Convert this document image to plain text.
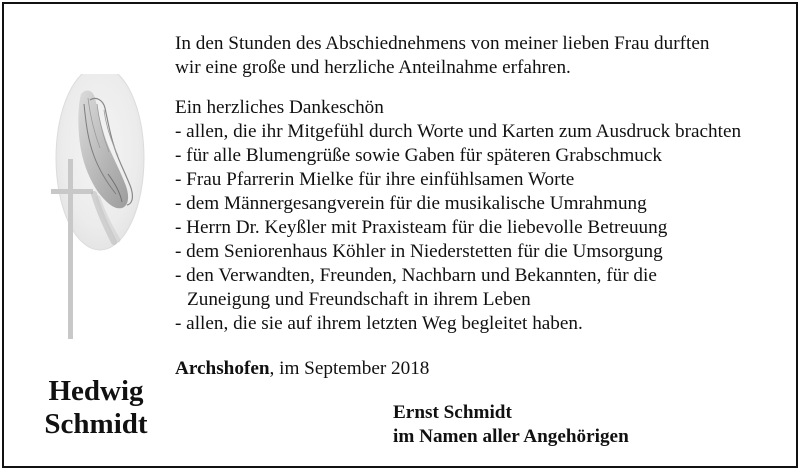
In den Stunden des Abschiednehmens von meiner lieben Frau durften

wir eine große und herzliche Anteilnahme erfahren.

Ein herzliches Dankeschön

- allen, die ihr Mitgefühl durch Worte und Karten zum Ausdruck brachten
- für alle Blumengrüße sowie Gaben für späteren Grabschmuck
- Frau Pfarrerin Mielke für ihre einfühlsamen Worte
- dem Männergesangverein für die musikalische Umrahmung
- Herrn Dr. Keyßler mit Praxisteam für die liebevolle Betreuung
- dem Seniorenhaus Köhler in Niederstetten für die Umsorgung
- den Verwandten, Freunden, Nachbarn und Bekannten, für die
Zuneigung und Freundschaft in ihrem Leben
- allen, die sie auf ihrem letzten Weg begleitet haben.
Archshofen, im September 2018
Hedwig
Schmidt	Ernst Schmidt
im Namen aller Angehörigen
